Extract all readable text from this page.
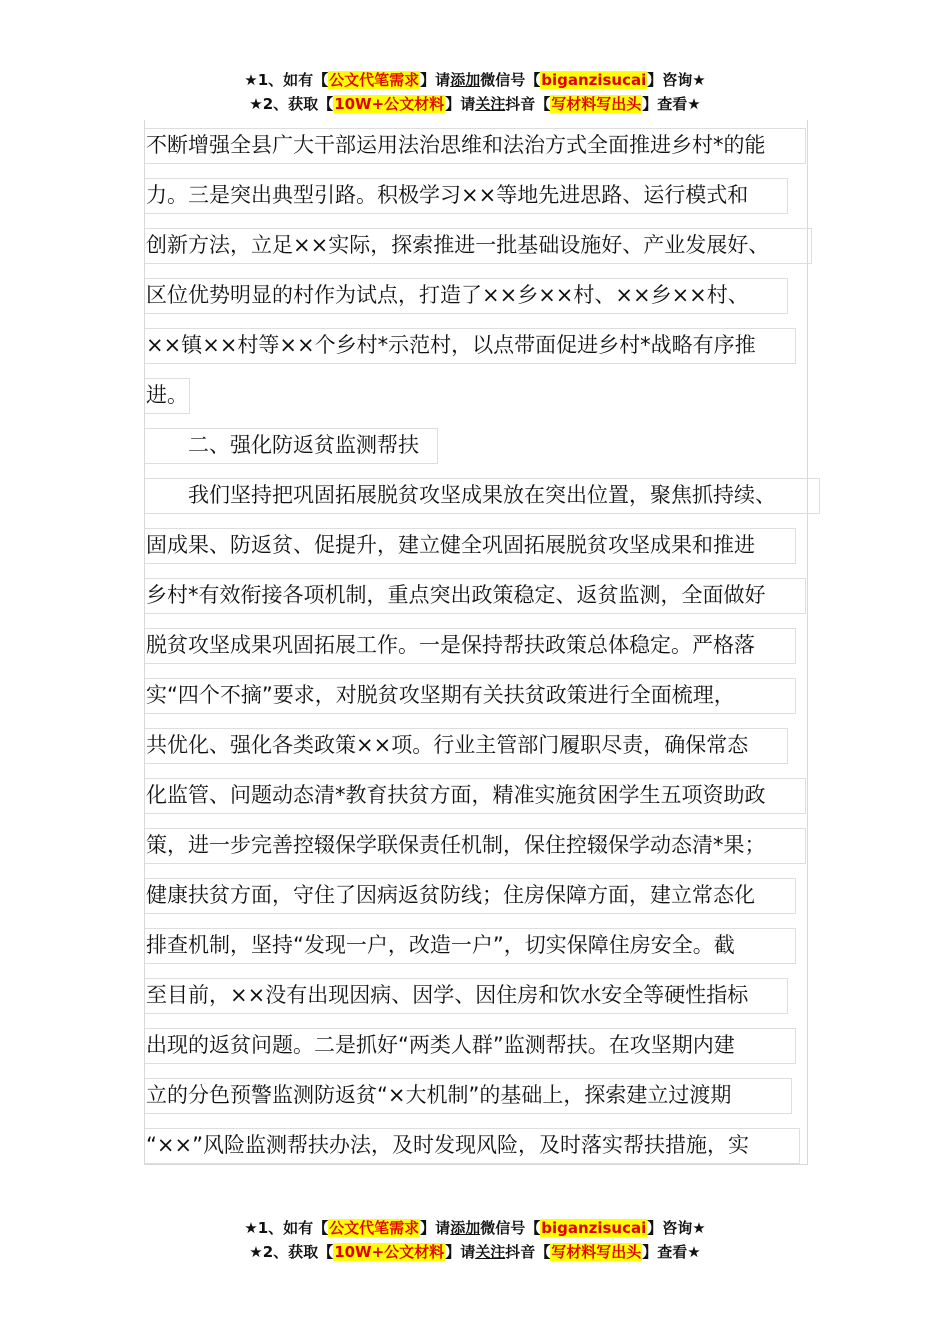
★1、如有【公文代笔需求】请添加微信号【biganzisucai】咨询★
★2、获取【10W+公文材料】请关注抖音【写材料写出头】查看★
不断增强全县广大干部运用法治思维和法治方式全面推进乡村*的能
力。三是突出典型引路。积极学习××等地先进思路、运行模式和
创新方法，立足××实际，探索推进一批基础设施好、产业发展好、
区位优势明显的村作为试点，打造了××乡××村、××乡××村、
××镇××村等××个乡村*示范村，以点带面促进乡村*战略有序推
进。
　　二、强化防返贫监测帮扶
　　我们坚持把巩固拓展脱贫攻坚成果放在突出位置，聚焦抓持续、
固成果、防返贫、促提升，建立健全巩固拓展脱贫攻坚成果和推进
乡村*有效衔接各项机制，重点突出政策稳定、返贫监测，全面做好
脱贫攻坚成果巩固拓展工作。一是保持帮扶政策总体稳定。严格落
实“四个不摘”要求，对脱贫攻坚期有关扶贫政策进行全面梳理，
共优化、强化各类政策××项。行业主管部门履职尽责，确保常态
化监管、问题动态清*教育扶贫方面，精准实施贫困学生五项资助政
策，进一步完善控辍保学联保责任机制，保住控辍保学动态清*果；
健康扶贫方面，守住了因病返贫防线；住房保障方面，建立常态化
排查机制，坚持“发现一户，改造一户”，切实保障住房安全。截
至目前，××没有出现因病、因学、因住房和饮水安全等硬性指标
出现的返贫问题。二是抓好“两类人群”监测帮扶。在攻坚期内建
立的分色预警监测防返贫“×大机制”的基础上，探索建立过渡期
“××”风险监测帮扶办法，及时发现风险，及时落实帮扶措施，实
★1、如有【公文代笔需求】请添加微信号【biganzisucai】咨询★
★2、获取【10W+公文材料】请关注抖音【写材料写出头】查看★
